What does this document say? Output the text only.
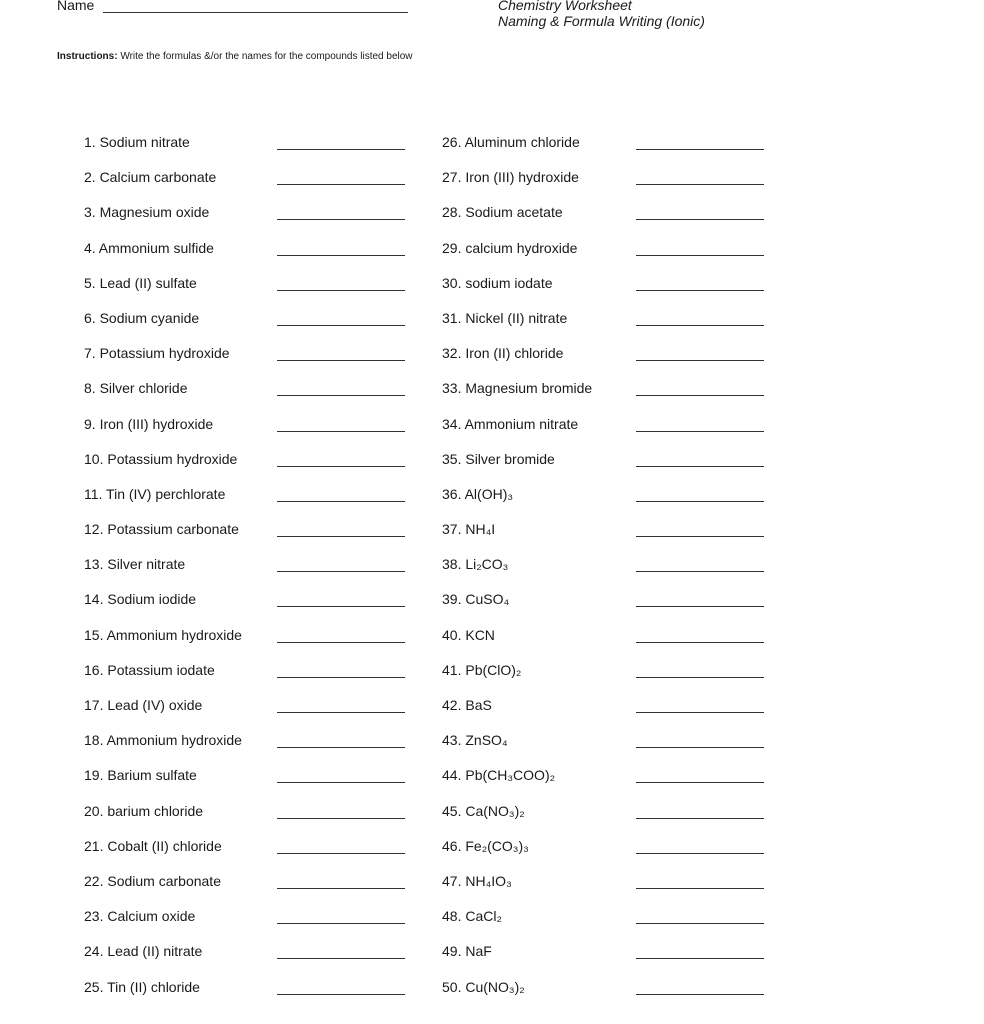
Name	Chemistry Worksheet
Naming & Formula Writing (Ionic)
Instructions: Write the formulas &/or the names for the compounds listed below
1. Sodium nitrate
2. Calcium carbonate
3. Magnesium oxide
4. Ammonium sulfide
5. Lead (II) sulfate
6. Sodium cyanide
7. Potassium hydroxide
8. Silver chloride
9. Iron (III) hydroxide
10. Potassium hydroxide
11. Tin (IV) perchlorate
12. Potassium carbonate
13. Silver nitrate
14. Sodium iodide
15. Ammonium hydroxide
16. Potassium iodate
17. Lead (IV) oxide
18. Ammonium hydroxide
19. Barium sulfate
20. barium chloride
21. Cobalt (II) chloride
22. Sodium carbonate
23. Calcium oxide
24. Lead (II) nitrate
25. Tin (II) chloride
26. Aluminum chloride
27. Iron (III) hydroxide
28. Sodium acetate
29. calcium hydroxide
30. sodium iodate
31. Nickel (II) nitrate
32. Iron (II) chloride
33. Magnesium bromide
34. Ammonium nitrate
35. Silver bromide
36. Al(OH)₃
37. NH₄I
38. Li₂CO₃
39. CuSO₄
40. KCN
41. Pb(ClO)₂
42. BaS
43. ZnSO₄
44. Pb(CH₃COO)₂
45. Ca(NO₃)₂
46. Fe₂(CO₃)₃
47. NH₄IO₃
48. CaCl₂
49. NaF
50. Cu(NO₃)₂
